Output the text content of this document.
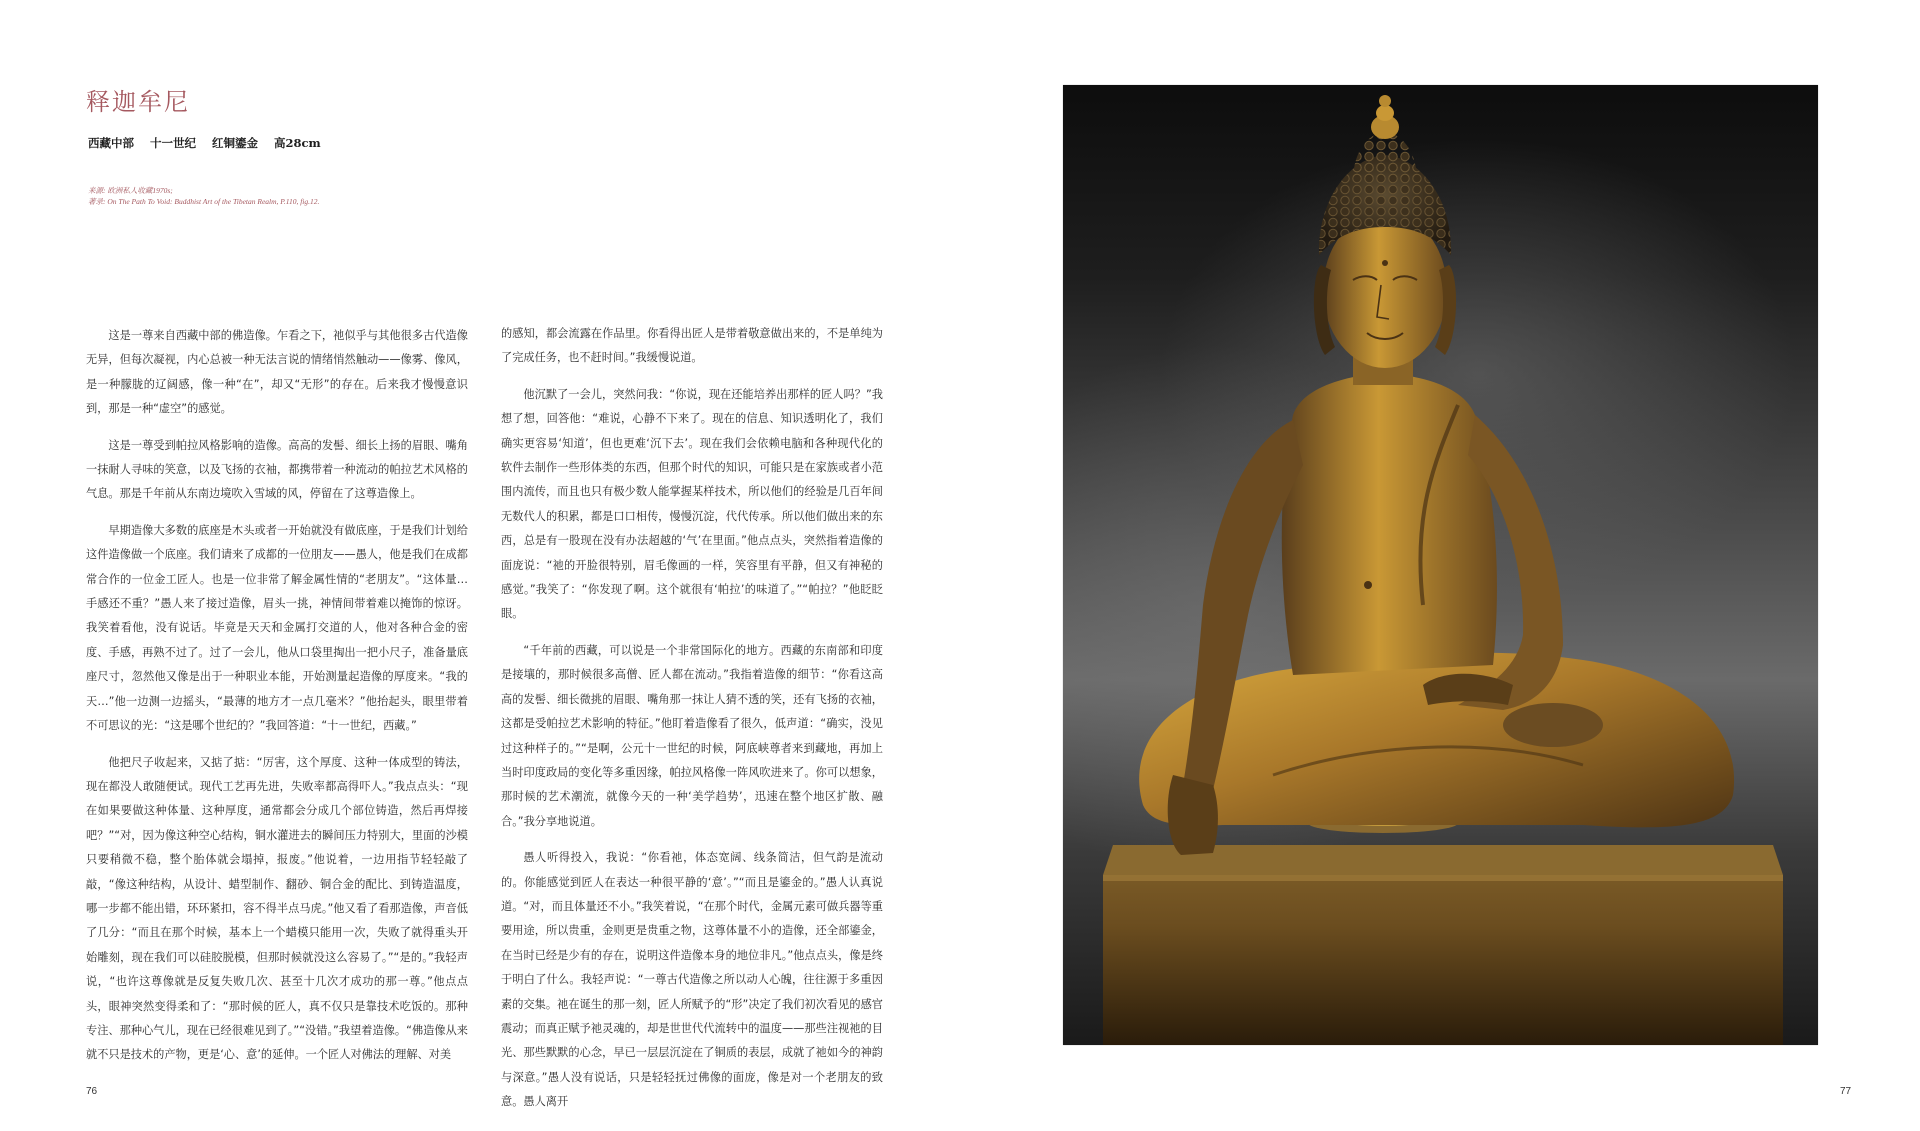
释迦牟尼
西藏中部 十一世纪 红铜鎏金 高28cm
来源: 欧洲私人收藏1970s;
著录: On The Path To Void: Buddhist Art of the Tibetan Realm, P.110, fig.12.

这是一尊来自西藏中部的佛造像。乍看之下，祂似乎与其他很多古代造像无异，但每次凝视，内心总被一种无法言说的情绪悄然触动——像雾、像风，是一种朦胧的辽阔感，像一种“在”，却又“无形”的存在。后来我才慢慢意识到，那是一种“虚空”的感觉。

这是一尊受到帕拉风格影响的造像。高高的发髻、细长上扬的眉眼、嘴角一抹耐人寻味的笑意，以及飞扬的衣袖，都携带着一种流动的帕拉艺术风格的气息。那是千年前从东南边境吹入雪域的风，停留在了这尊造像上。

早期造像大多数的底座是木头或者一开始就没有做底座，于是我们计划给这件造像做一个底座。我们请来了成都的一位朋友——愚人，他是我们在成都常合作的一位金工匠人。也是一位非常了解金属性情的“老朋友”。“这体量…手感还不重？”愚人来了接过造像，眉头一挑，神情间带着难以掩饰的惊讶。我笑着看他，没有说话。毕竟是天天和金属打交道的人，他对各种合金的密度、手感，再熟不过了。过了一会儿，他从口袋里掏出一把小尺子，准备量底座尺寸，忽然他又像是出于一种职业本能，开始测量起造像的厚度来。“我的天…”他一边测一边摇头，“最薄的地方才一点几毫米？”他抬起头，眼里带着不可思议的光：“这是哪个世纪的？”我回答道：“十一世纪，西藏。”

他把尺子收起来，又掂了掂：“厉害，这个厚度、这种一体成型的铸法，现在都没人敢随便试。现代工艺再先进，失败率都高得吓人。”我点点头：“现在如果要做这种体量、这种厚度，通常都会分成几个部位铸造，然后再焊接吧？”“对，因为像这种空心结构，铜水灌进去的瞬间压力特别大，里面的沙模只要稍微不稳，整个胎体就会塌掉，报废。”他说着，一边用指节轻轻敲了敲，“像这种结构，从设计、蜡型制作、翻砂、铜合金的配比、到铸造温度，哪一步都不能出错，环环紧扣，容不得半点马虎。”他又看了看那造像，声音低了几分：“而且在那个时候，基本上一个蜡模只能用一次，失败了就得重头开始雕刻，现在我们可以硅胶脱模，但那时候就没这么容易了。”“是的。”我轻声说，“也许这尊像就是反复失败几次、甚至十几次才成功的那一尊。”他点点头，眼神突然变得柔和了：“那时候的匠人，真不仅只是靠技术吃饭的。那种专注、那种心气儿，现在已经很难见到了。”“没错。”我望着造像。“佛造像从来就不只是技术的产物，更是‘心、意’的延伸。一个匠人对佛法的理解、对美

的感知，都会流露在作品里。你看得出匠人是带着敬意做出来的，不是单纯为了完成任务，也不赶时间。”我缓慢说道。

他沉默了一会儿，突然问我：“你说，现在还能培养出那样的匠人吗？”我想了想，回答他：“难说，心静不下来了。现在的信息、知识透明化了，我们确实更容易‘知道’，但也更难‘沉下去’。现在我们会依赖电脑和各种现代化的软件去制作一些形体类的东西，但那个时代的知识，可能只是在家族或者小范围内流传，而且也只有极少数人能掌握某样技术，所以他们的经验是几百年间无数代人的积累，都是口口相传，慢慢沉淀，代代传承。所以他们做出来的东西，总是有一股现在没有办法超越的‘气’在里面。”他点点头，突然指着造像的面庞说：“祂的开脸很特别，眉毛像画的一样，笑容里有平静，但又有神秘的感觉。”我笑了：“你发现了啊。这个就很有‘帕拉’的味道了。”“帕拉？”他眨眨眼。

“千年前的西藏，可以说是一个非常国际化的地方。西藏的东南部和印度是接壤的，那时候很多高僧、匠人都在流动。”我指着造像的细节：“你看这高高的发髻、细长微挑的眉眼、嘴角那一抹让人猜不透的笑，还有飞扬的衣袖，这都是受帕拉艺术影响的特征。”他盯着造像看了很久，低声道：“确实，没见过这种样子的。”“是啊，公元十一世纪的时候，阿底峡尊者来到藏地，再加上当时印度政局的变化等多重因缘，帕拉风格像一阵风吹进来了。你可以想象，那时候的艺术潮流，就像今天的一种‘美学趋势’，迅速在整个地区扩散、融合。”我分享地说道。

愚人听得投入，我说：“你看祂，体态宽阔、线条简洁，但气韵是流动的。你能感觉到匠人在表达一种很平静的‘意’。”“而且是鎏金的。”愚人认真说道。“对，而且体量还不小。”我笑着说，“在那个时代，金属元素可做兵器等重要用途，所以贵重，金则更是贵重之物，这尊体量不小的造像，还全部鎏金，在当时已经是少有的存在，说明这件造像本身的地位非凡。”他点点头，像是终于明白了什么。我轻声说：“一尊古代造像之所以动人心魄，往往源于多重因素的交集。祂在诞生的那一刻，匠人所赋予的“形”决定了我们初次看见的感官震动；而真正赋予祂灵魂的，却是世世代代流转中的温度——那些注视祂的目光、那些默默的心念，早已一层层沉淀在了铜质的表层，成就了祂如今的神韵与深意。”愚人没有说话，只是轻轻抚过佛像的面庞，像是对一个老朋友的致意。愚人离开

76	77
